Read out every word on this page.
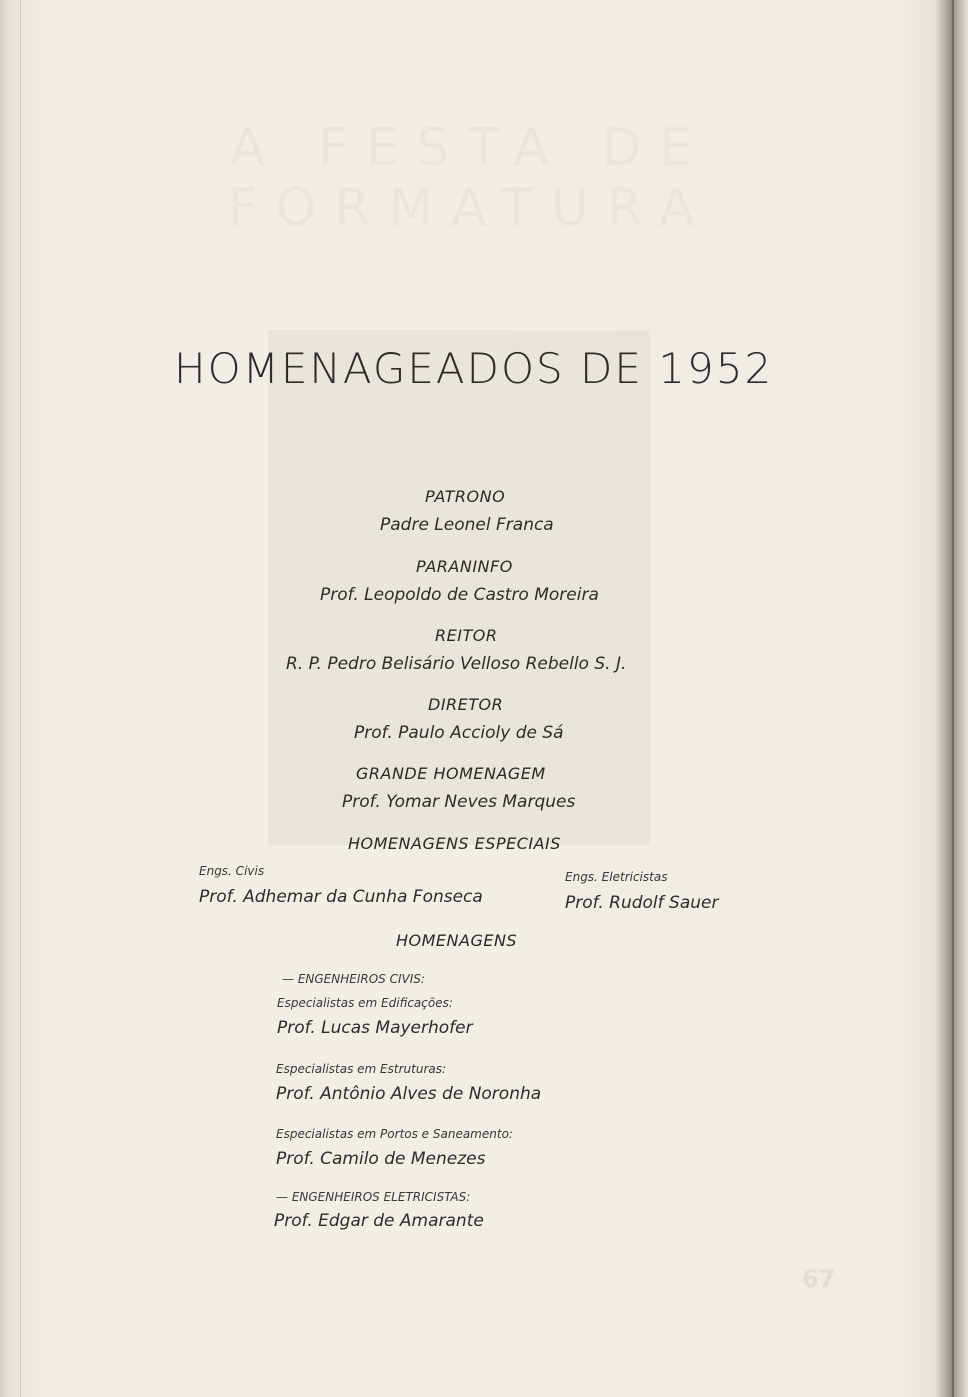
A FESTA DE FORMATURA
67
HOMENAGEADOS DE 1952
PATRONO
Padre Leonel Franca
PARANINFO
Prof. Leopoldo de Castro Moreira
REITOR
R. P. Pedro Belisário Velloso Rebello S. J.
DIRETOR
Prof. Paulo Accioly de Sá
GRANDE HOMENAGEM
Prof. Yomar Neves Marques
HOMENAGENS ESPECIAIS
Engs. Civis
Prof. Adhemar da Cunha Fonseca
Engs. Eletricistas
Prof. Rudolf Sauer
HOMENAGENS
— ENGENHEIROS CIVIS:
Especialistas em Edificações:
Prof. Lucas Mayerhofer
Especialistas em Estruturas:
Prof. Antônio Alves de Noronha
Especialistas em Portos e Saneamento:
Prof. Camilo de Menezes
— ENGENHEIROS ELETRICISTAS:
Prof. Edgar de Amarante
